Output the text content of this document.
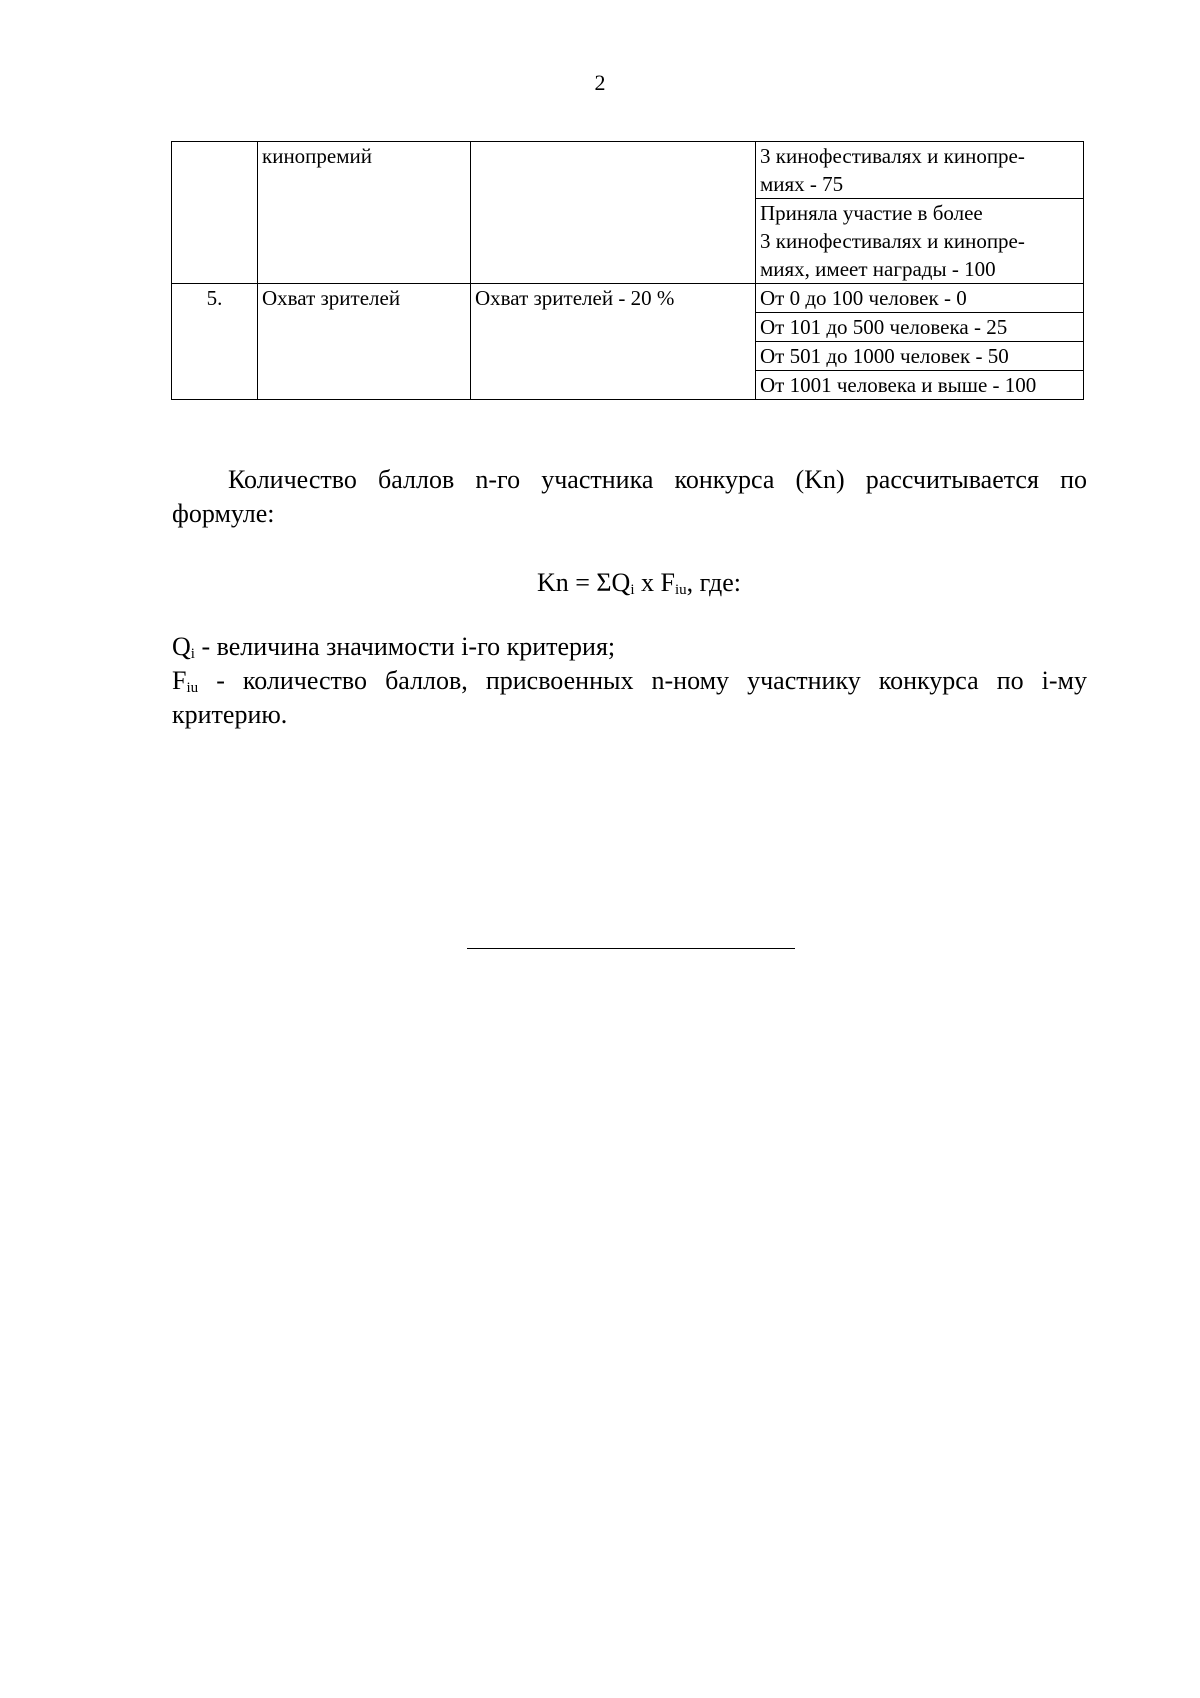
2
	кинопремий		3 кинофестивалях и кинопре-
миях - 75
			Приняла участие в более
3 кинофестивалях и кинопре-
миях, имеет награды - 100
5.	Охват зрителей	Охват зрителей - 20 %	От 0 до 100 человек - 0
			От 101 до 500 человека - 25
			От 501 до 1000 человек - 50
			От 1001 человека и выше - 100
Количество баллов n-го участника конкурса (Kn) рассчитывается по формуле:
$Kn = \Sigma Q_i$ x $F_{iu}$, где:
$Q_i$ - величина значимости i-го критерия;
$F_{iu}$ - количество баллов, присвоенных n-ному участнику конкурса по i-му критерию.
